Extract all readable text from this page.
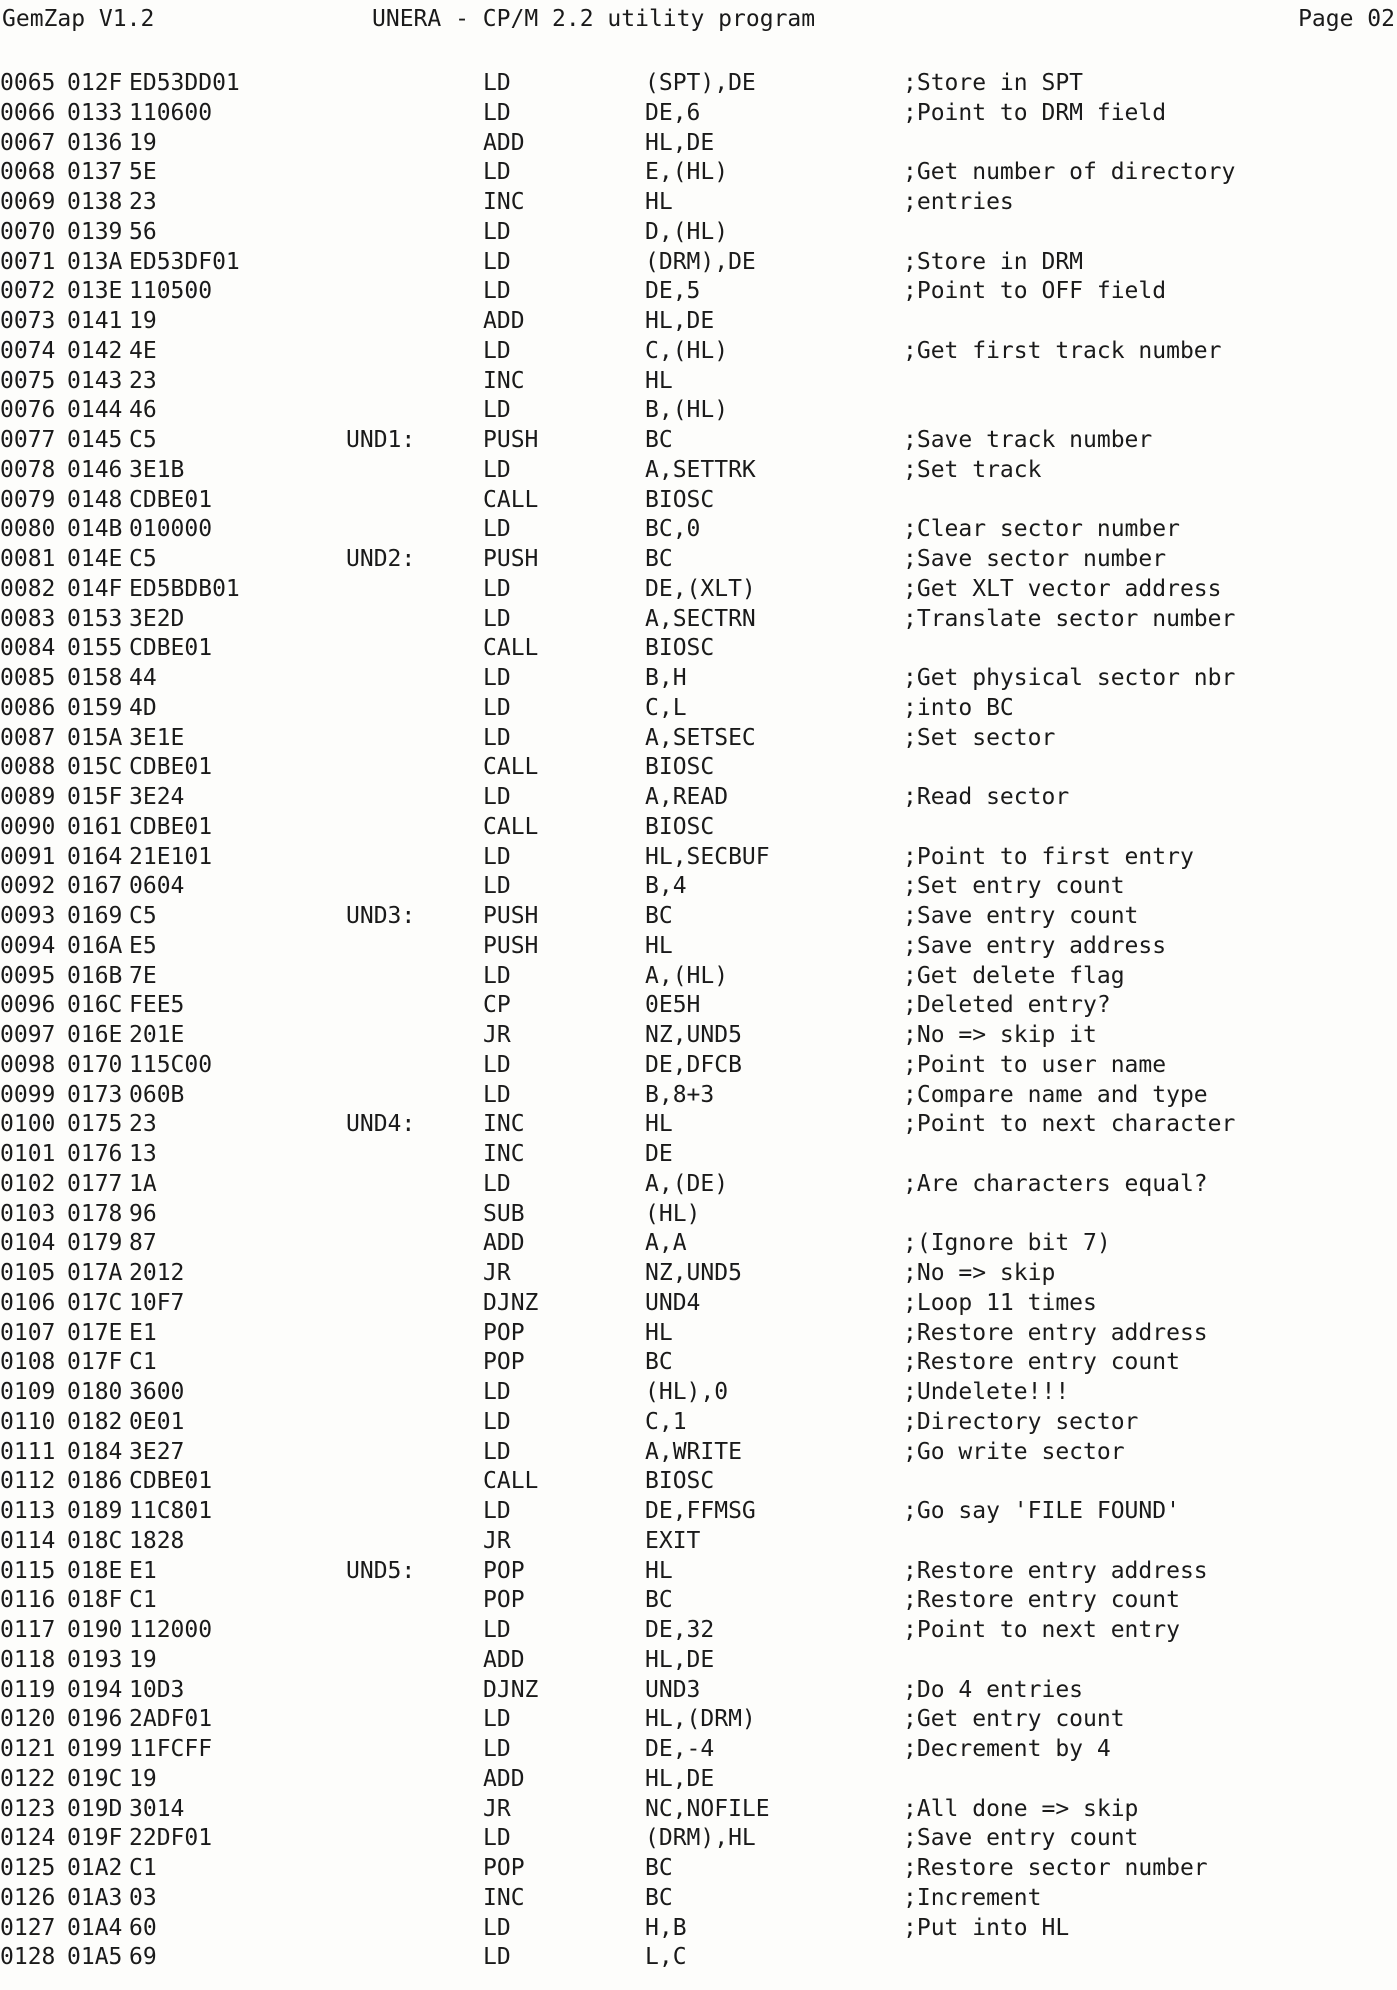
GemZap V1.2	UNERA - CP/M 2.2 utility program	Page 02
0065 012F ED53DD01	LD	(SPT),DE	;Store in SPT
0066 0133 110600	LD	DE,6	;Point to DRM field
0067 0136 19	ADD	HL,DE
0068 0137 5E	LD	E,(HL)	;Get number of directory
0069 0138 23	INC	HL	;entries
0070 0139 56	LD	D,(HL)
0071 013A ED53DF01	LD	(DRM),DE	;Store in DRM
0072 013E 110500	LD	DE,5	;Point to OFF field
0073 0141 19	ADD	HL,DE
0074 0142 4E	LD	C,(HL)	;Get first track number
0075 0143 23	INC	HL
0076 0144 46	LD	B,(HL)
0077 0145 C5	UND1:	PUSH	BC	;Save track number
0078 0146 3E1B	LD	A,SETTRK	;Set track
0079 0148 CDBE01	CALL	BIOSC
0080 014B 010000	LD	BC,0	;Clear sector number
0081 014E C5	UND2:	PUSH	BC	;Save sector number
0082 014F ED5BDB01	LD	DE,(XLT)	;Get XLT vector address
0083 0153 3E2D	LD	A,SECTRN	;Translate sector number
0084 0155 CDBE01	CALL	BIOSC
0085 0158 44	LD	B,H	;Get physical sector nbr
0086 0159 4D	LD	C,L	;into BC
0087 015A 3E1E	LD	A,SETSEC	;Set sector
0088 015C CDBE01	CALL	BIOSC
0089 015F 3E24	LD	A,READ	;Read sector
0090 0161 CDBE01	CALL	BIOSC
0091 0164 21E101	LD	HL,SECBUF	;Point to first entry
0092 0167 0604	LD	B,4	;Set entry count
0093 0169 C5	UND3:	PUSH	BC	;Save entry count
0094 016A E5	PUSH	HL	;Save entry address
0095 016B 7E	LD	A,(HL)	;Get delete flag
0096 016C FEE5	CP	0E5H	;Deleted entry?
0097 016E 201E	JR	NZ,UND5	;No => skip it
0098 0170 115C00	LD	DE,DFCB	;Point to user name
0099 0173 060B	LD	B,8+3	;Compare name and type
0100 0175 23	UND4:	INC	HL	;Point to next character
0101 0176 13	INC	DE
0102 0177 1A	LD	A,(DE)	;Are characters equal?
0103 0178 96	SUB	(HL)
0104 0179 87	ADD	A,A	;(Ignore bit 7)
0105 017A 2012	JR	NZ,UND5	;No => skip
0106 017C 10F7	DJNZ	UND4	;Loop 11 times
0107 017E E1	POP	HL	;Restore entry address
0108 017F C1	POP	BC	;Restore entry count
0109 0180 3600	LD	(HL),0	;Undelete!!!
0110 0182 0E01	LD	C,1	;Directory sector
0111 0184 3E27	LD	A,WRITE	;Go write sector
0112 0186 CDBE01	CALL	BIOSC
0113 0189 11C801	LD	DE,FFMSG	;Go say 'FILE FOUND'
0114 018C 1828	JR	EXIT
0115 018E E1	UND5:	POP	HL	;Restore entry address
0116 018F C1	POP	BC	;Restore entry count
0117 0190 112000	LD	DE,32	;Point to next entry
0118 0193 19	ADD	HL,DE
0119 0194 10D3	DJNZ	UND3	;Do 4 entries
0120 0196 2ADF01	LD	HL,(DRM)	;Get entry count
0121 0199 11FCFF	LD	DE,-4	;Decrement by 4
0122 019C 19	ADD	HL,DE
0123 019D 3014	JR	NC,NOFILE	;All done => skip
0124 019F 22DF01	LD	(DRM),HL	;Save entry count
0125 01A2 C1	POP	BC	;Restore sector number
0126 01A3 03	INC	BC	;Increment
0127 01A4 60	LD	H,B	;Put into HL
0128 01A5 69	LD	L,C
